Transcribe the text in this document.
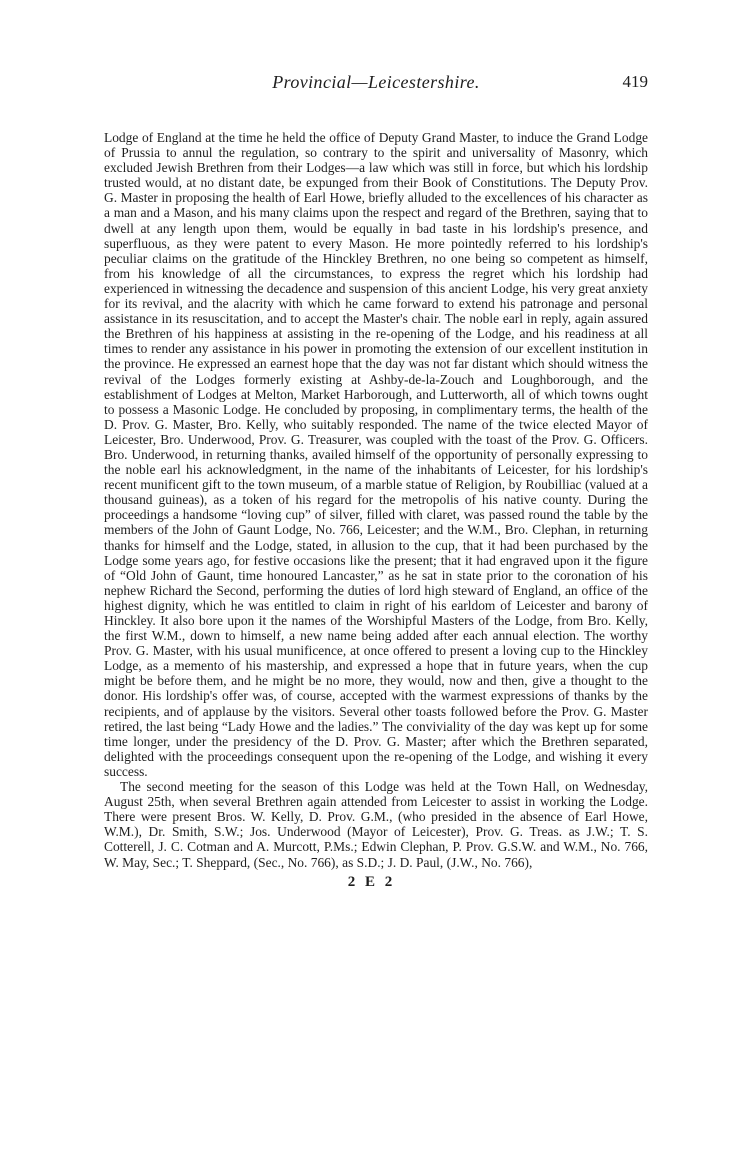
Provincial—Leicestershire.	419

Lodge of England at the time he held the office of Deputy Grand Master, to induce the Grand Lodge of Prussia to annul the regulation, so contrary to the spirit and universality of Masonry, which excluded Jewish Brethren from their Lodges—a law which was still in force, but which his lordship trusted would, at no distant date, be expunged from their Book of Constitutions. The Deputy Prov. G. Master in proposing the health of Earl Howe, briefly alluded to the excellences of his character as a man and a Mason, and his many claims upon the respect and regard of the Brethren, saying that to dwell at any length upon them, would be equally in bad taste in his lordship's presence, and superfluous, as they were patent to every Mason. He more pointedly referred to his lordship's peculiar claims on the gratitude of the Hinckley Brethren, no one being so competent as himself, from his knowledge of all the circumstances, to express the regret which his lordship had experienced in witnessing the decadence and suspension of this ancient Lodge, his very great anxiety for its revival, and the alacrity with which he came forward to extend his patronage and personal assistance in its resuscitation, and to accept the Master's chair. The noble earl in reply, again assured the Brethren of his happiness at assisting in the re-opening of the Lodge, and his readiness at all times to render any assistance in his power in promoting the extension of our excellent institution in the province. He expressed an earnest hope that the day was not far distant which should witness the revival of the Lodges formerly existing at Ashby-de-la-Zouch and Loughborough, and the establishment of Lodges at Melton, Market Harborough, and Lutterworth, all of which towns ought to possess a Masonic Lodge. He concluded by proposing, in complimentary terms, the health of the D. Prov. G. Master, Bro. Kelly, who suitably responded. The name of the twice elected Mayor of Leicester, Bro. Underwood, Prov. G. Treasurer, was coupled with the toast of the Prov. G. Officers. Bro. Underwood, in returning thanks, availed himself of the opportunity of personally expressing to the noble earl his acknowledgment, in the name of the inhabitants of Leicester, for his lordship's recent munificent gift to the town museum, of a marble statue of Religion, by Roubilliac (valued at a thousand guineas), as a token of his regard for the metropolis of his native county. During the proceedings a handsome “loving cup” of silver, filled with claret, was passed round the table by the members of the John of Gaunt Lodge, No. 766, Leicester; and the W.M., Bro. Clephan, in returning thanks for himself and the Lodge, stated, in allusion to the cup, that it had been purchased by the Lodge some years ago, for festive occasions like the present; that it had engraved upon it the figure of “Old John of Gaunt, time honoured Lancaster,” as he sat in state prior to the coronation of his nephew Richard the Second, performing the duties of lord high steward of England, an office of the highest dignity, which he was entitled to claim in right of his earldom of Leicester and barony of Hinckley. It also bore upon it the names of the Worshipful Masters of the Lodge, from Bro. Kelly, the first W.M., down to himself, a new name being added after each annual election. The worthy Prov. G. Master, with his usual munificence, at once offered to present a loving cup to the Hinckley Lodge, as a memento of his mastership, and expressed a hope that in future years, when the cup might be before them, and he might be no more, they would, now and then, give a thought to the donor. His lordship's offer was, of course, accepted with the warmest expressions of thanks by the recipients, and of applause by the visitors. Several other toasts followed before the Prov. G. Master retired, the last being “Lady Howe and the ladies.” The conviviality of the day was kept up for some time longer, under the presidency of the D. Prov. G. Master; after which the Brethren separated, delighted with the proceedings consequent upon the re-opening of the Lodge, and wishing it every success.

The second meeting for the season of this Lodge was held at the Town Hall, on Wednesday, August 25th, when several Brethren again attended from Leicester to assist in working the Lodge. There were present Bros. W. Kelly, D. Prov. G.M., (who presided in the absence of Earl Howe, W.M.), Dr. Smith, S.W.; Jos. Underwood (Mayor of Leicester), Prov. G. Treas. as J.W.; T. S. Cotterell, J. C. Cotman and A. Murcott, P.Ms.; Edwin Clephan, P. Prov. G.S.W. and W.M., No. 766, W. May, Sec.; T. Sheppard, (Sec., No. 766), as S.D.; J. D. Paul, (J.W., No. 766),

2 E 2
